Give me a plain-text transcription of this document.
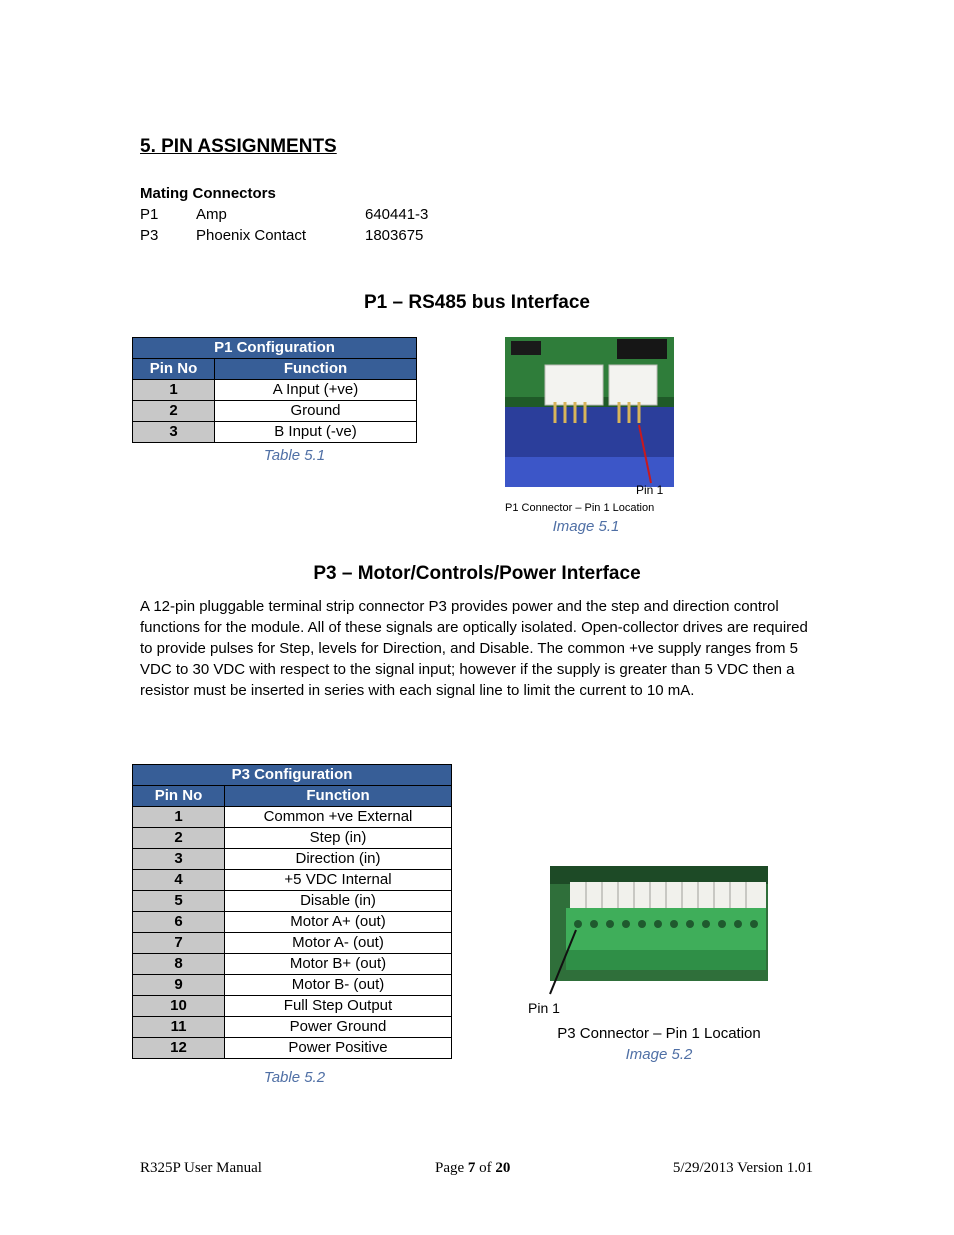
5. PIN ASSIGNMENTS
Mating Connectors
P1	Amp	640441-3
P3	Phoenix Contact	1803675
P1 – RS485 bus Interface
P1 Configuration	
Pin No	Function
1	A Input (+ve)
2	Ground
3	B Input (-ve)
Table 5.1
Pin 1
P1 Connector – Pin 1 Location
Image 5.1
P3 – Motor/Controls/Power Interface

A 12-pin pluggable terminal strip connector P3 provides power and the step and direction control functions for the module. All of these signals are optically isolated. Open-collector drives are required to provide pulses for Step, levels for Direction, and Disable. The common +ve supply ranges from 5 VDC to 30 VDC with respect to the signal input; however if the supply is greater than 5 VDC then a resistor must be inserted in series with each signal line to limit the current to 10 mA.

P3 Configuration	
Pin No	Function
1	Common +ve External
2	Step (in)
3	Direction (in)
4	+5 VDC Internal
5	Disable (in)
6	Motor A+ (out)
7	Motor A- (out)
8	Motor B+ (out)
9	Motor B- (out)
10	Full Step Output
11	Power Ground
12	Power Positive
Table 5.2
Pin 1
P3 Connector – Pin 1 Location
Image 5.2
R325P User Manual	Page 7 of 20	5/29/2013 Version 1.01
